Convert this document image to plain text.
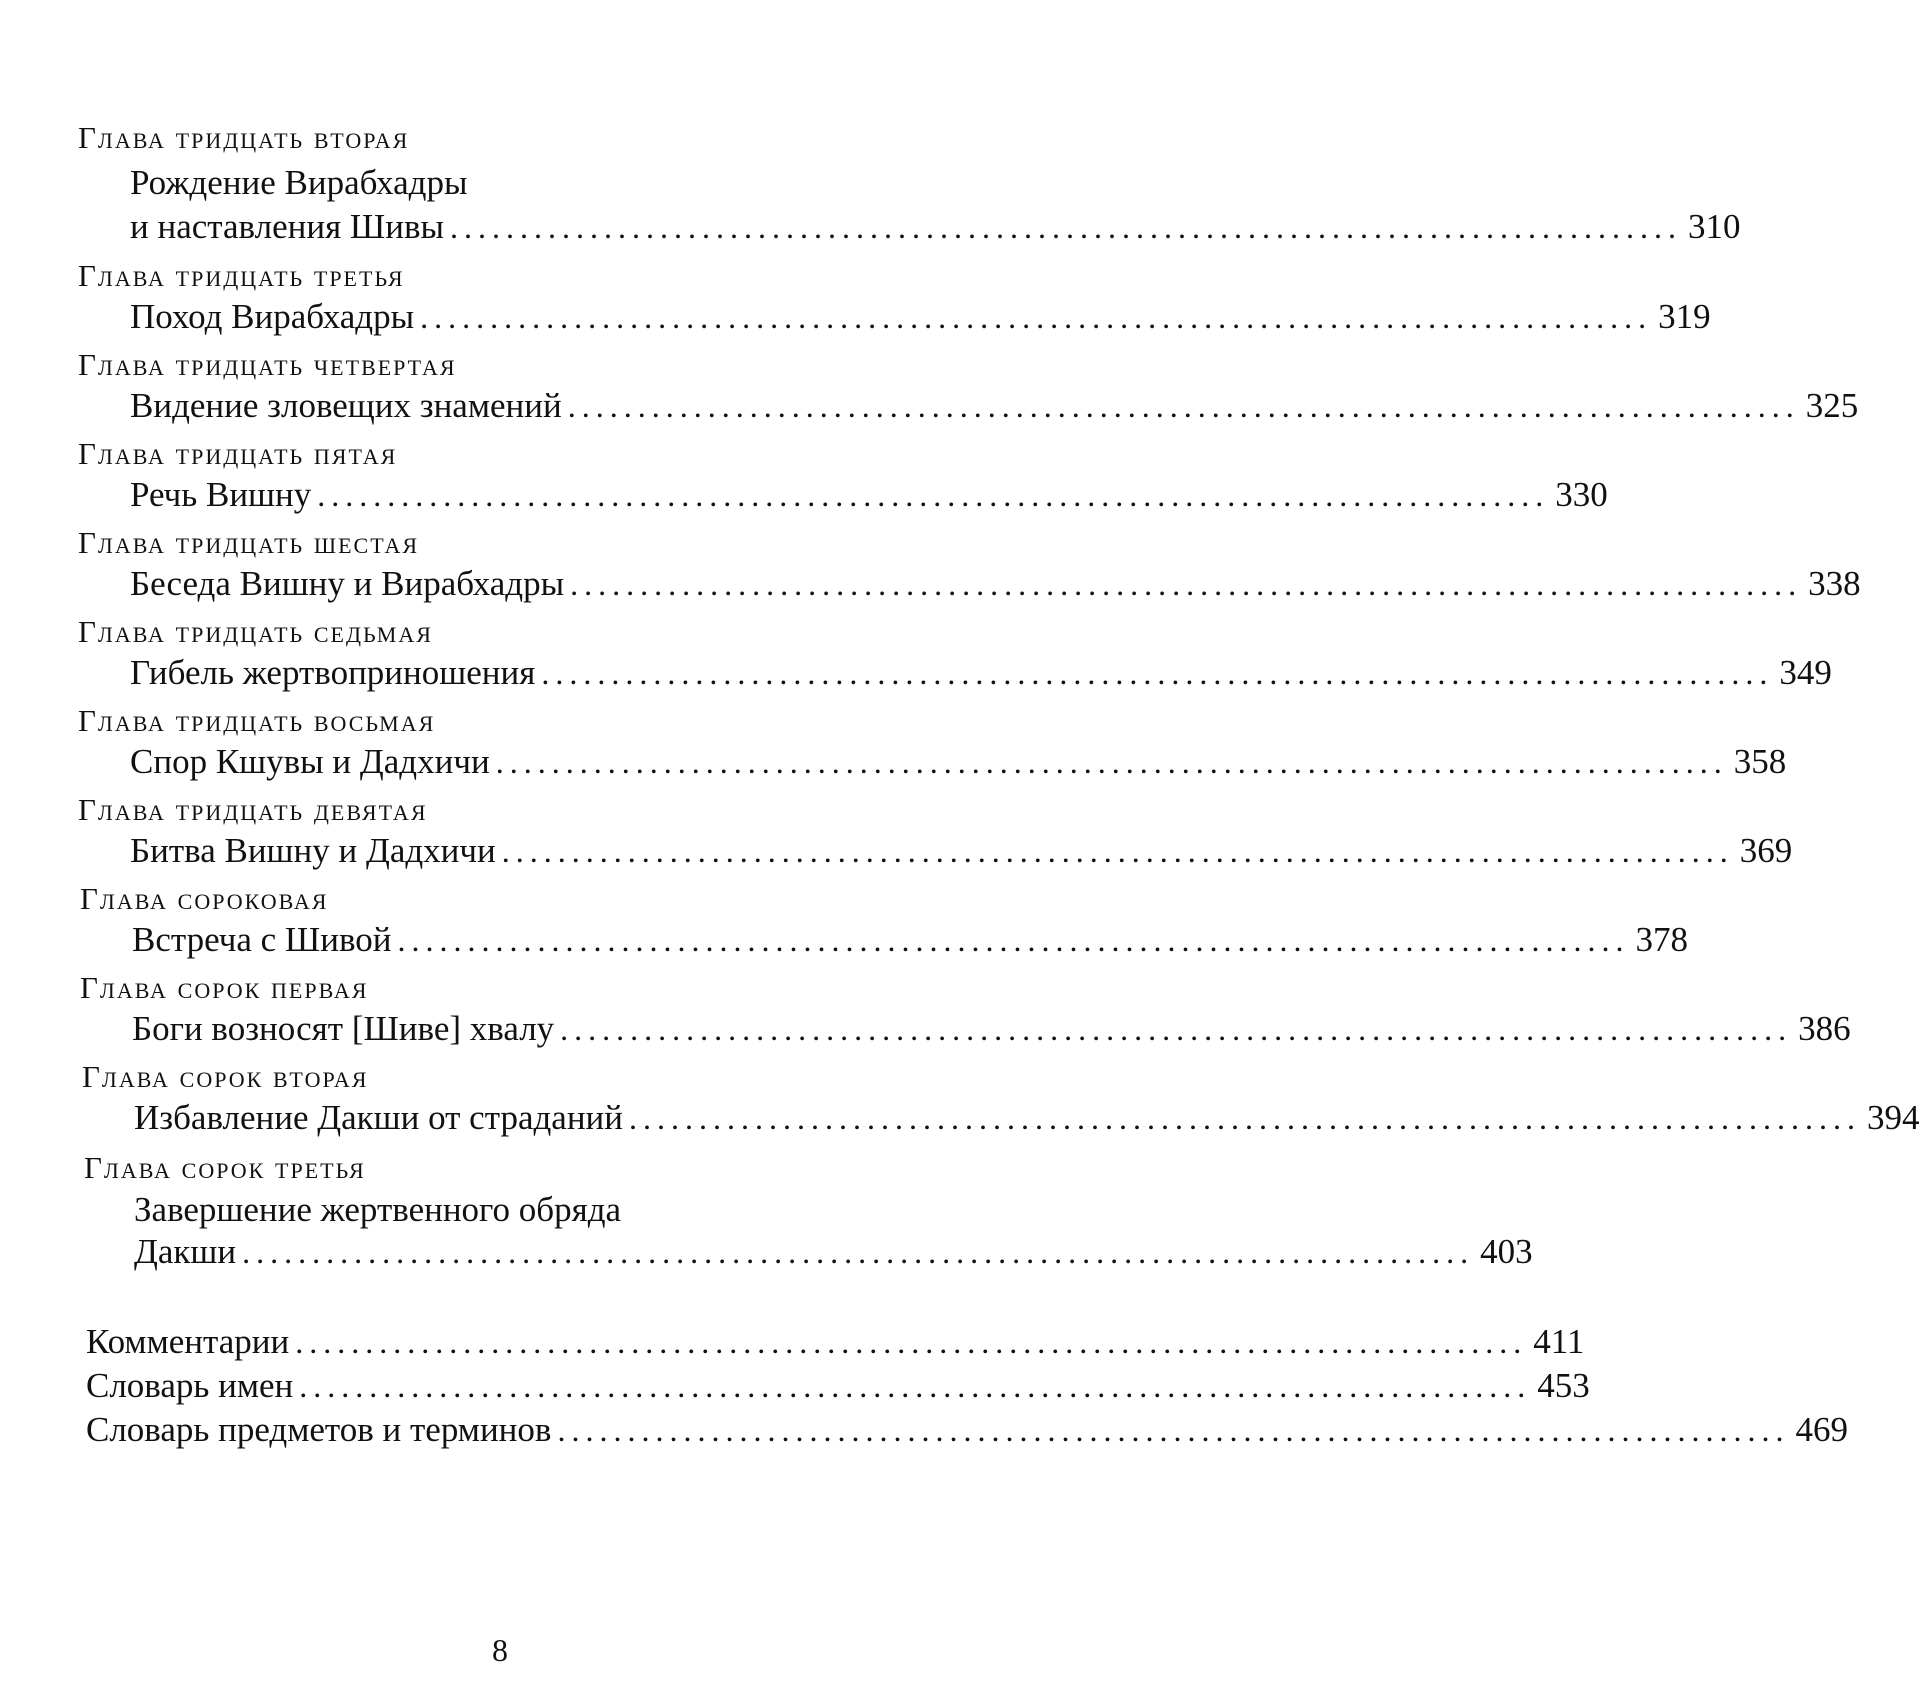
Глава тридцать вторая
Рождение Вирабхадры
и наставления Шивы ........................................................................................ 310
Глава тридцать третья
Поход Вирабхадры ........................................................................................ 319
Глава тридцать четвертая
Видение зловещих знамений ........................................................................................ 325
Глава тридцать пятая
Речь Вишну ........................................................................................ 330
Глава тридцать шестая
Беседа Вишну и Вирабхадры ........................................................................................ 338
Глава тридцать седьмая
Гибель жертвоприношения ........................................................................................ 349
Глава тридцать восьмая
Спор Кшувы и Дадхичи ........................................................................................ 358
Глава тридцать девятая
Битва Вишну и Дадхичи ........................................................................................ 369
Глава сороковая
Встреча с Шивой ........................................................................................ 378
Глава сорок первая
Боги возносят [Шиве] хвалу ........................................................................................ 386
Глава сорок вторая
Избавление Дакши от страданий ........................................................................................ 394
Глава сорок третья
Завершение жертвенного обряда
Дакши ........................................................................................ 403
Комментарии ........................................................................................ 411
Словарь имен ........................................................................................ 453
Словарь предметов и терминов ........................................................................................ 469

8
